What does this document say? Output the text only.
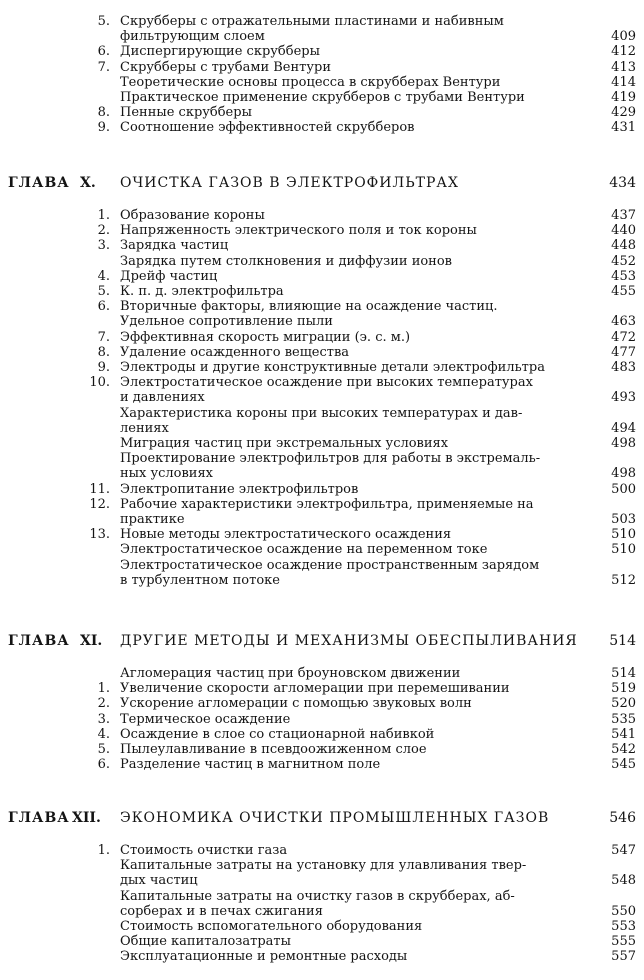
5. Скрубберы с отражательными пластинами и набивным
фильтрующим слоем	409
6. Диспергирующие скрубберы	412
7. Скрубберы с трубами Вентури	413
Теоретические основы процесса в скрубберах Вентури	414
Практическое применение скрубберов с трубами Вентури	419
8. Пенные скрубберы	429
9. Соотношение эффективностей скрубберов	431
ГЛАВА X. ОЧИСТКА ГАЗОВ В ЭЛЕКТРОФИЛЬТРАХ	434
1. Образование короны	437
2. Напряженность электрического поля и ток короны	440
3. Зарядка частиц	448
Зарядка путем столкновения и диффузии ионов	452
4. Дрейф частиц	453
5. К. п. д. электрофильтра	455
6. Вторичные факторы, влияющие на осаждение частиц.
Удельное сопротивление пыли	463
7. Эффективная скорость миграции (э. с. м.)	472
8. Удаление осажденного вещества	477
9. Электроды и другие конструктивные детали электрофильтра	483
10. Электростатическое осаждение при высоких температурах
и давлениях	493
Характеристика короны при высоких температурах и дав-
лениях	494
Миграция частиц при экстремальных условиях	498
Проектирование электрофильтров для работы в экстремаль-
ных условиях	498
11. Электропитание электрофильтров	500
12. Рабочие характеристики электрофильтра, применяемые на
практике	503
13. Новые методы электростатического осаждения	510
Электростатическое осаждение на переменном токе	510
Электростатическое осаждение пространственным зарядом
в турбулентном потоке	512
ГЛАВА XI. ДРУГИЕ МЕТОДЫ И МЕХАНИЗМЫ ОБЕСПЫЛИВАНИЯ	514
Агломерация частиц при броуновском движении	514
1. Увеличение скорости агломерации при перемешивании	519
2. Ускорение агломерации с помощью звуковых волн	520
3. Термическое осаждение	535
4. Осаждение в слое со стационарной набивкой	541
5. Пылеулавливание в псевдоожиженном слое	542
6. Разделение частиц в магнитном поле	545
ГЛАВА XII. ЭКОНОМИКА ОЧИСТКИ ПРОМЫШЛЕННЫХ ГАЗОВ	546
1. Стоимость очистки газа	547
Капитальные затраты на установку для улавливания твер-
дых частиц	548
Капитальные затраты на очистку газов в скрубберах, аб-
сорберах и в печах сжигания	550
Стоимость вспомогательного оборудования	553
Общие капиталозатраты	555
Эксплуатационные и ремонтные расходы	557
